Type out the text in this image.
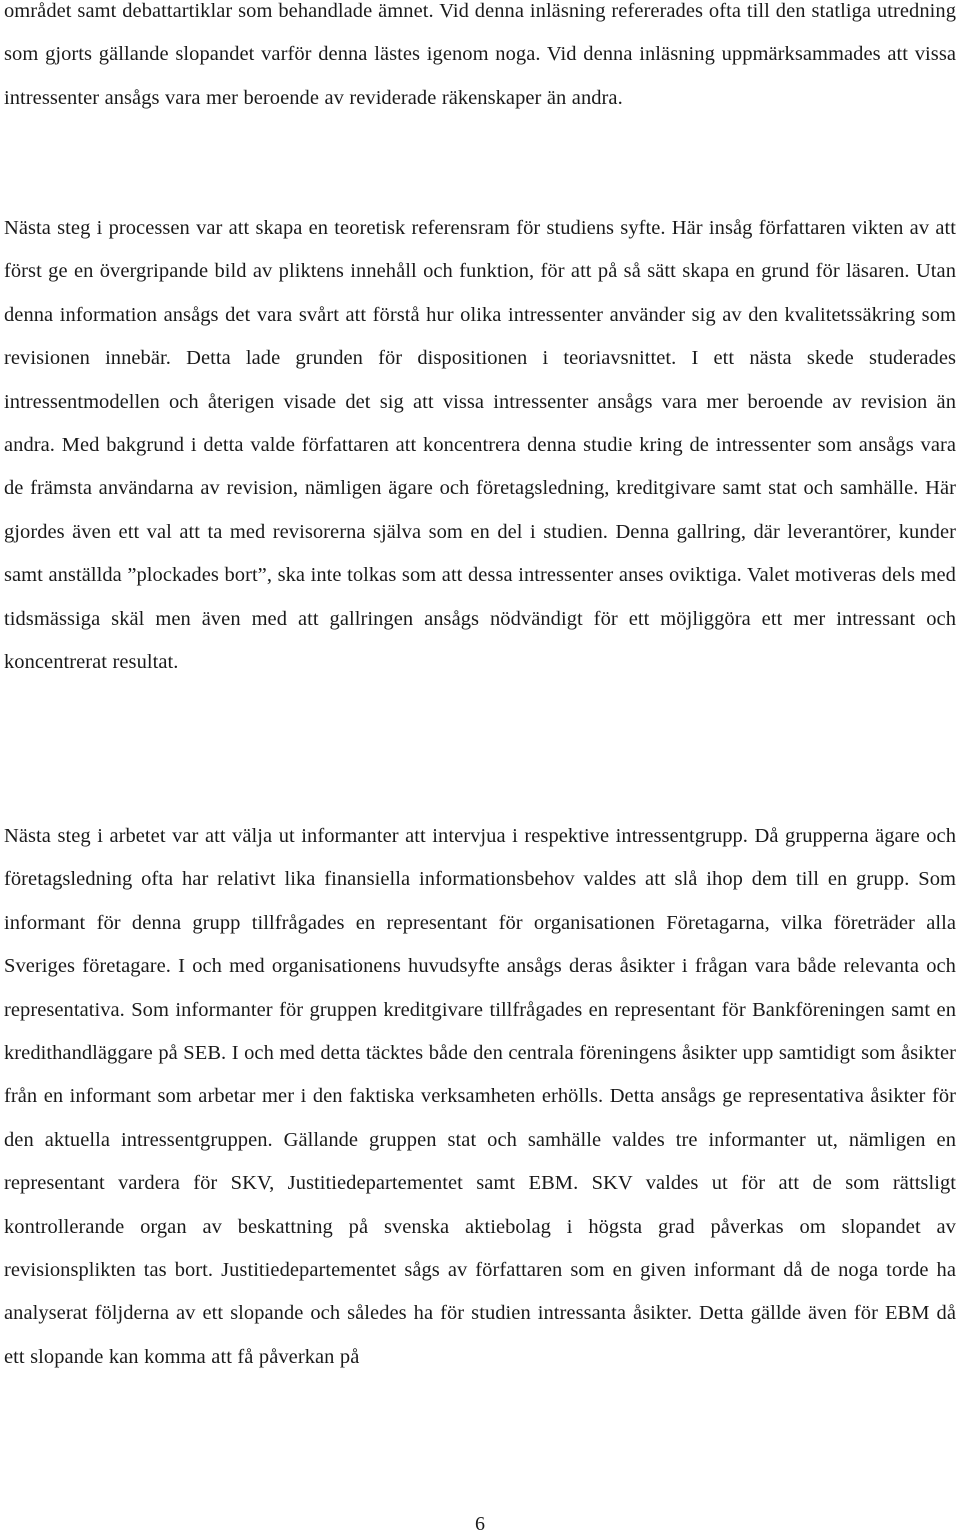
området samt debattartiklar som behandlade ämnet. Vid denna inläsning refererades ofta till den statliga utredning som gjorts gällande slopandet varför denna lästes igenom noga. Vid denna inläsning uppmärksammades att vissa intressenter ansågs vara mer beroende av reviderade räkenskaper än andra.

Nästa steg i processen var att skapa en teoretisk referensram för studiens syfte. Här insåg författaren vikten av att först ge en övergripande bild av pliktens innehåll och funktion, för att på så sätt skapa en grund för läsaren. Utan denna information ansågs det vara svårt att förstå hur olika intressenter använder sig av den kvalitetssäkring som revisionen innebär. Detta lade grunden för dispositionen i teoriavsnittet. I ett nästa skede studerades intressentmodellen och återigen visade det sig att vissa intressenter ansågs vara mer beroende av revision än andra. Med bakgrund i detta valde författaren att koncentrera denna studie kring de intressenter som ansågs vara de främsta användarna av revision, nämligen ägare och företagsledning, kreditgivare samt stat och samhälle. Här gjordes även ett val att ta med revisorerna själva som en del i studien. Denna gallring, där leverantörer, kunder samt anställda ”plockades bort”, ska inte tolkas som att dessa intressenter anses oviktiga. Valet motiveras dels med tidsmässiga skäl men även med att gallringen ansågs nödvändigt för ett möjliggöra ett mer intressant och koncentrerat resultat.

Nästa steg i arbetet var att välja ut informanter att intervjua i respektive intressentgrupp. Då grupperna ägare och företagsledning ofta har relativt lika finansiella informationsbehov valdes att slå ihop dem till en grupp. Som informant för denna grupp tillfrågades en representant för organisationen Företagarna, vilka företräder alla Sveriges företagare. I och med organisationens huvudsyfte ansågs deras åsikter i frågan vara både relevanta och representativa. Som informanter för gruppen kreditgivare tillfrågades en representant för Bankföreningen samt en kredithandläggare på SEB. I och med detta täcktes både den centrala föreningens åsikter upp samtidigt som åsikter från en informant som arbetar mer i den faktiska verksamheten erhölls. Detta ansågs ge representativa åsikter för den aktuella intressentgruppen. Gällande gruppen stat och samhälle valdes tre informanter ut, nämligen en representant vardera för SKV, Justitiedepartementet samt EBM. SKV valdes ut för att de som rättsligt kontrollerande organ av beskattning på svenska aktiebolag i högsta grad påverkas om slopandet av revisionsplikten tas bort. Justitiedepartementet sågs av författaren som en given informant då de noga torde ha analyserat följderna av ett slopande och således ha för studien intressanta åsikter. Detta gällde även för EBM då ett slopande kan komma att få påverkan på

6
